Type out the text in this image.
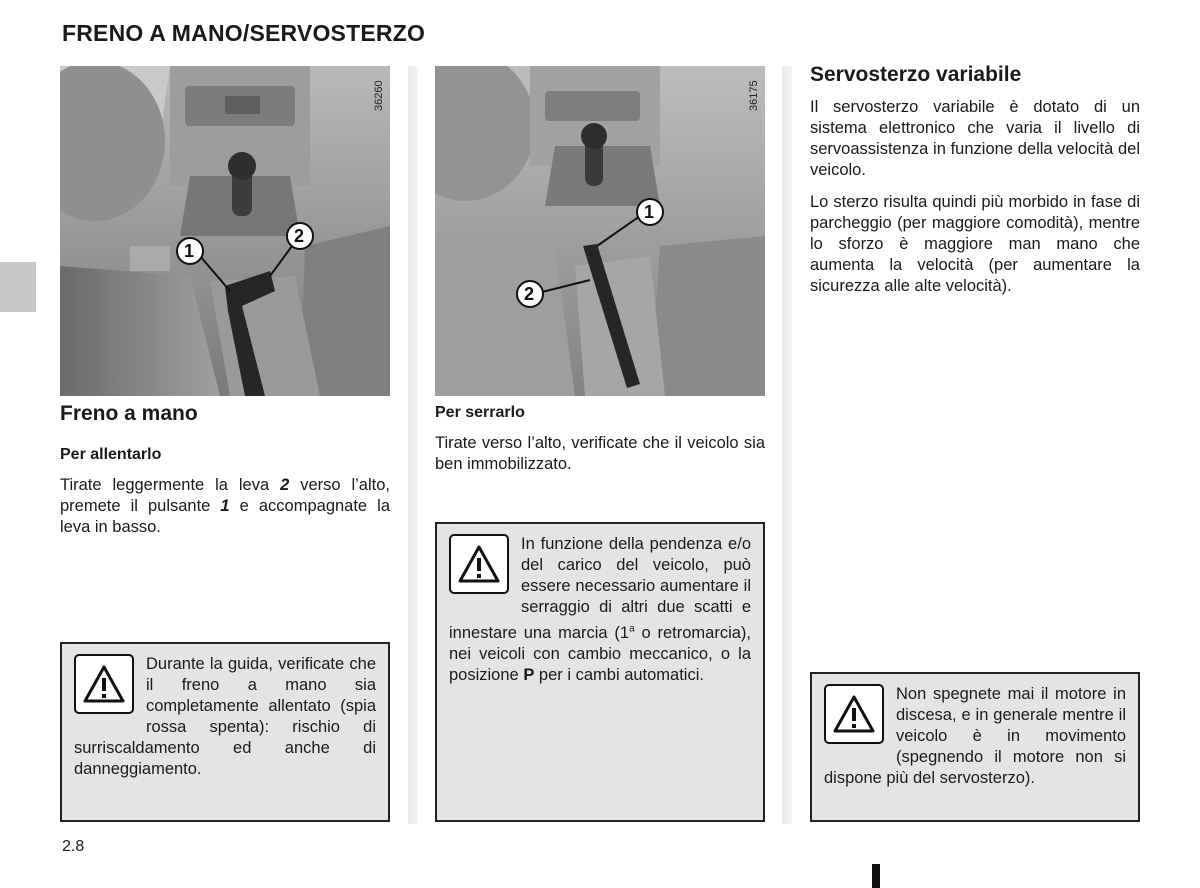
FRENO A MANO/SERVOSTERZO
1
2
36260
1
2
36175
Freno a mano
Per allentarlo
Tirate leggermente la leva 2 verso l’alto, premete il pulsante 1 e accompagnate la leva in basso.
Durante la guida, verificate che il freno a mano sia completamente allentato (spia rossa spenta): rischio di surriscaldamento ed anche di danneggiamento.
Per serrarlo
Tirate verso l’alto, verificate che il veicolo sia ben immobilizzato.
In funzione della pendenza e/o del carico del veicolo, può essere necessario aumentare il serraggio di altri due scatti e innestare una marcia (1$^a$ o retromarcia), nei veicoli con cambio meccanico, o la posizione P per i cambi automatici.
Servosterzo variabile
Il servosterzo variabile è dotato di un sistema elettronico che varia il livello di servoassistenza in funzione della velocità del veicolo.
Lo sterzo risulta quindi più morbido in fase di parcheggio (per maggiore comodità), mentre lo sforzo è maggiore man mano che aumenta la velocità (per aumentare la sicurezza alle alte velocità).
Non spegnete mai il motore in discesa, e in generale mentre il veicolo è in movimento (spegnendo il motore non si dispone più del servosterzo).
2.8
